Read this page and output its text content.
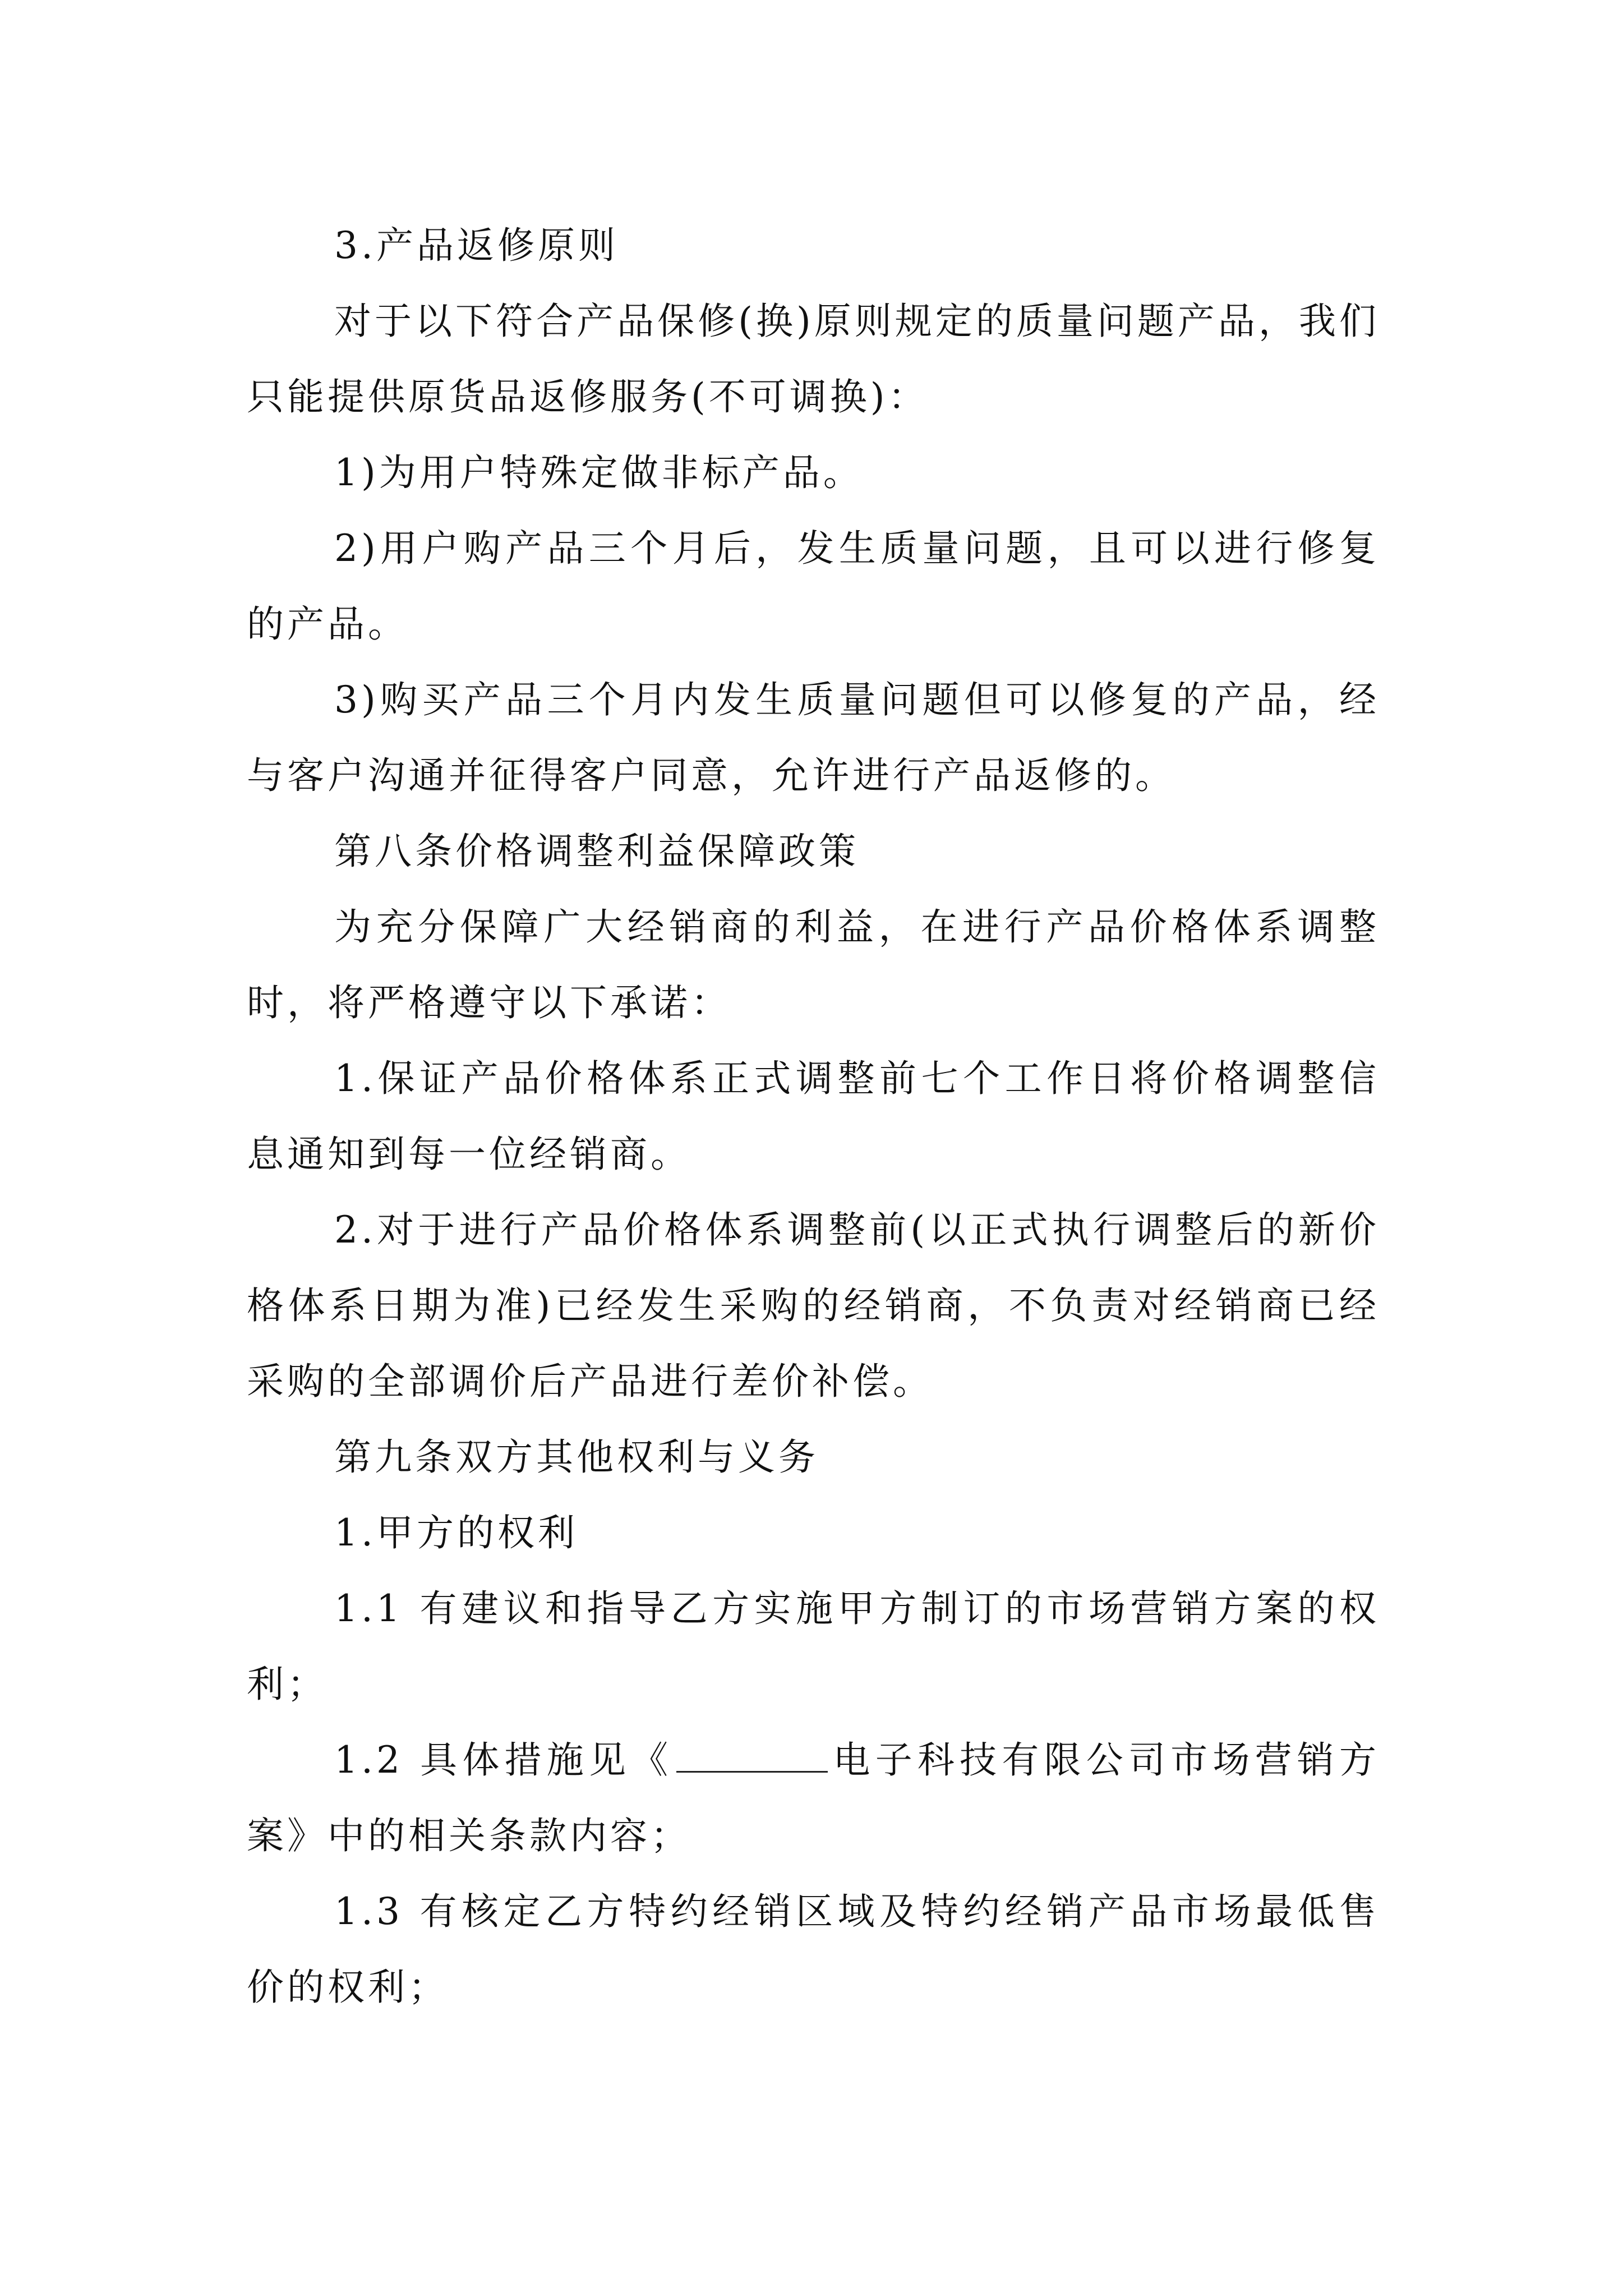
3.产品返修原则

对于以下符合产品保修(换)原则规定的质量问题产品，我们只能提供原货品返修服务(不可调换)：

1)为用户特殊定做非标产品。

2)用户购产品三个月后，发生质量问题，且可以进行修复的产品。

3)购买产品三个月内发生质量问题但可以修复的产品，经与客户沟通并征得客户同意，允许进行产品返修的。

第八条价格调整利益保障政策

为充分保障广大经销商的利益，在进行产品价格体系调整时，将严格遵守以下承诺：

1.保证产品价格体系正式调整前七个工作日将价格调整信息通知到每一位经销商。

2.对于进行产品价格体系调整前(以正式执行调整后的新价格体系日期为准)已经发生采购的经销商，不负责对经销商已经采购的全部调价后产品进行差价补偿。

第九条双方其他权利与义务

1.甲方的权利

1.1 有建议和指导乙方实施甲方制订的市场营销方案的权利；

1.2 具体措施见《	电子科技有限公司市场营销方案》中的相关条款内容；

1.3 有核定乙方特约经销区域及特约经销产品市场最低售价的权利；
